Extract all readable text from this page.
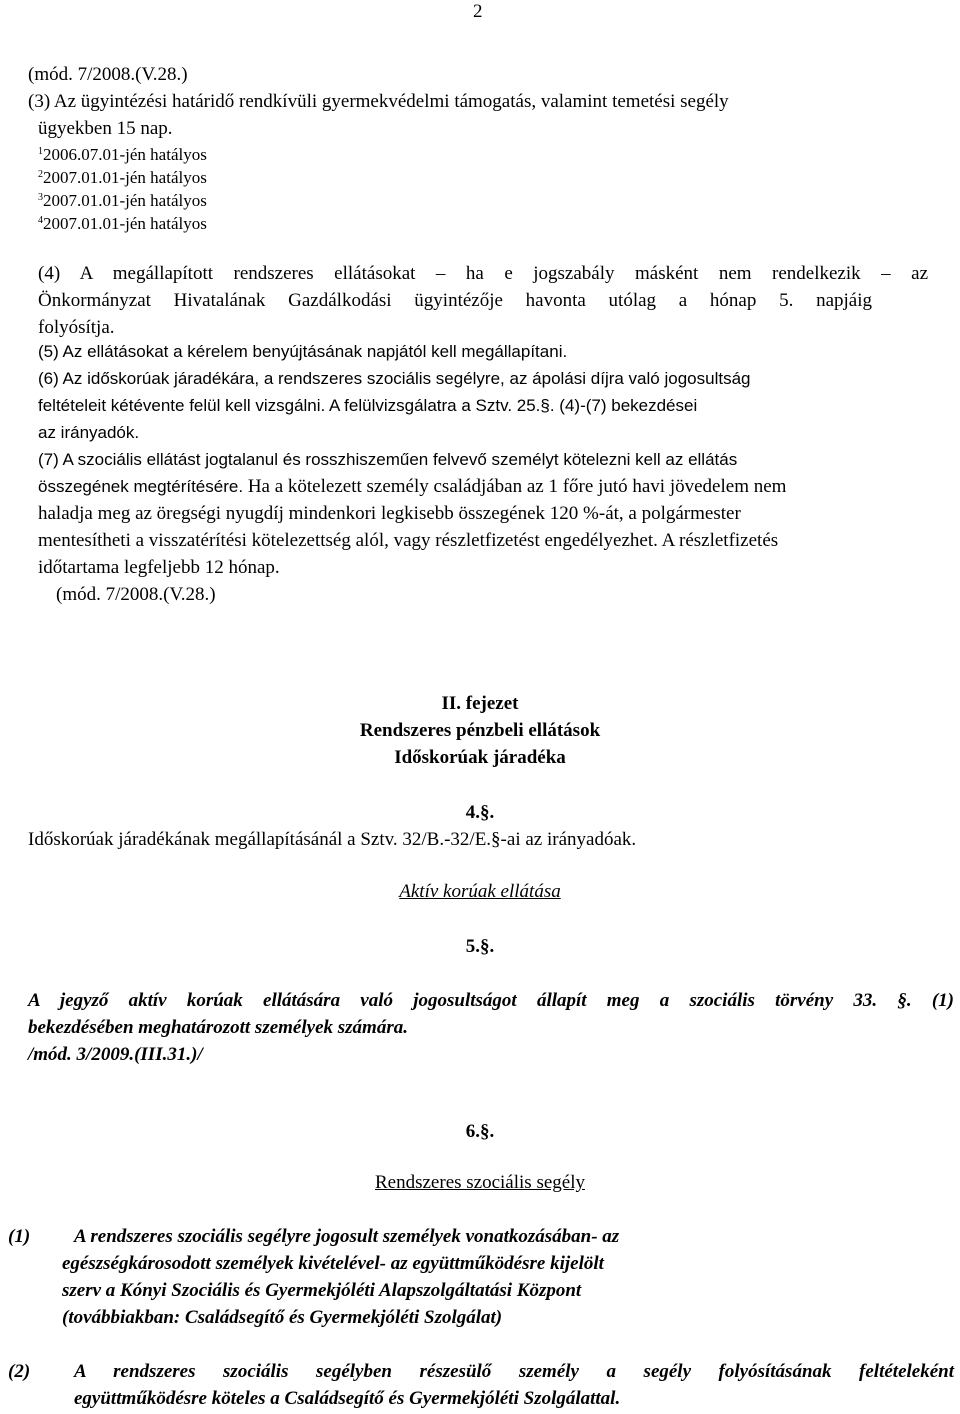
2
(mód. 7/2008.(V.28.)
(3) Az ügyintézési határidő rendkívüli gyermekvédelmi támogatás, valamint temetési segély
ügyekben 15 nap.
$^1$2006.07.01-jén hatályos
$^2$2007.01.01-jén hatályos
$^3$2007.01.01-jén hatályos
$^4$2007.01.01-jén hatályos
(4) A megállapított rendszeres ellátásokat – ha e jogszabály másként nem rendelkezik – az
Önkormányzat Hivatalának Gazdálkodási ügyintézője havonta utólag a hónap 5. napjáig
folyósítja.
(5) Az ellátásokat a kérelem benyújtásának napjától kell megállapítani.
(6) Az időskorúak járadékára, a rendszeres szociális segélyre, az ápolási díjra való jogosultság
feltételeit kétévente felül kell vizsgálni. A felülvizsgálatra a Sztv. 25.§. (4)-(7) bekezdései
az irányadók.
(7) A szociális ellátást jogtalanul és rosszhiszeműen felvevő személyt kötelezni kell az ellátás
összegének megtérítésére. Ha a kötelezett személy családjában az 1 főre jutó havi jövedelem nem
haladja meg az öregségi nyugdíj mindenkori legkisebb összegének 120 %-át, a polgármester
mentesítheti a visszatérítési kötelezettség alól, vagy részletfizetést engedélyezhet. A részletfizetés
időtartama legfeljebb 12 hónap.
(mód. 7/2008.(V.28.)
II. fejezet
Rendszeres pénzbeli ellátások
Időskorúak járadéka
4.§.
Időskorúak járadékának megállapításánál a Sztv. 32/B.-32/E.§-ai az irányadóak.
Aktív korúak ellátása
5.§.
A jegyző aktív korúak ellátására való jogosultságot állapít meg a szociális törvény 33. §. (1)
bekezdésében meghatározott személyek számára.
/mód. 3/2009.(III.31.)/
6.§.
Rendszeres szociális segély
(1) A rendszeres szociális segélyre jogosult személyek vonatkozásában- az
egészségkárosodott személyek kivételével- az együttműködésre kijelölt
szerv a Kónyi Szociális és Gyermekjóléti Alapszolgáltatási Központ
(továbbiakban: Családsegítő és Gyermekjóléti Szolgálat)
(2) A rendszeres szociális segélyben részesülő személy a segély folyósításának feltételeként
együttműködésre köteles a Családsegítő és Gyermekjóléti Szolgálattal.
